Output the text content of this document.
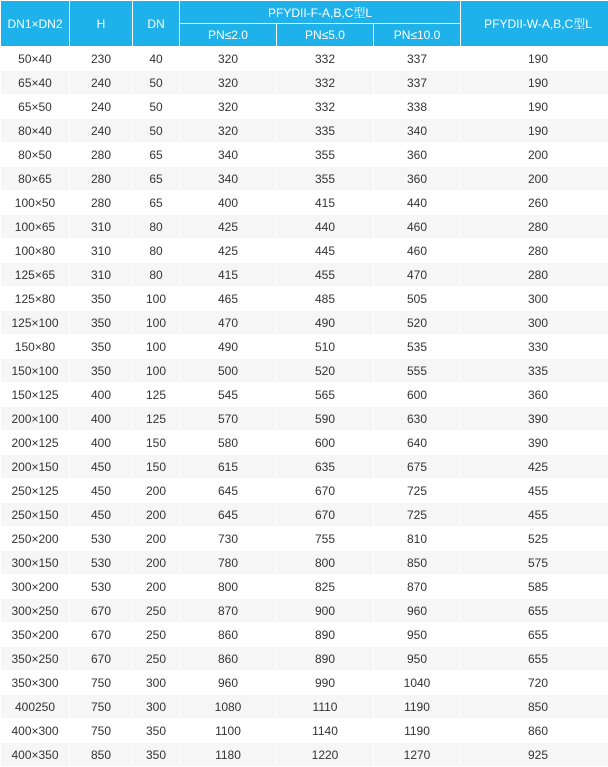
DN1×DN2	H	DN	PFYDII-F-A,B,C型L			PFYDII-W-A,B,C型L
			PN≤2.0	PN≤5.0	PN≤10.0	
50×40	230	40	320	332	337	190
65×40	240	50	320	332	337	190
65×50	240	50	320	332	338	190
80×40	240	50	320	335	340	190
80×50	280	65	340	355	360	200
80×65	280	65	340	355	360	200
100×50	280	65	400	415	440	260
100×65	310	80	425	440	460	280
100×80	310	80	425	445	460	280
125×65	310	80	415	455	470	280
125×80	350	100	465	485	505	300
125×100	350	100	470	490	520	300
150×80	350	100	490	510	535	330
150×100	350	100	500	520	555	335
150×125	400	125	545	565	600	360
200×100	400	125	570	590	630	390
200×125	400	150	580	600	640	390
200×150	450	150	615	635	675	425
250×125	450	200	645	670	725	455
250×150	450	200	645	670	725	455
250×200	530	200	730	755	810	525
300×150	530	200	780	800	850	575
300×200	530	200	800	825	870	585
300×250	670	250	870	900	960	655
350×200	670	250	860	890	950	655
350×250	670	250	860	890	950	655
350×300	750	300	960	990	1040	720
400250	750	300	1080	1110	1190	850
400×300	750	350	1100	1140	1190	860
400×350	850	350	1180	1220	1270	925
